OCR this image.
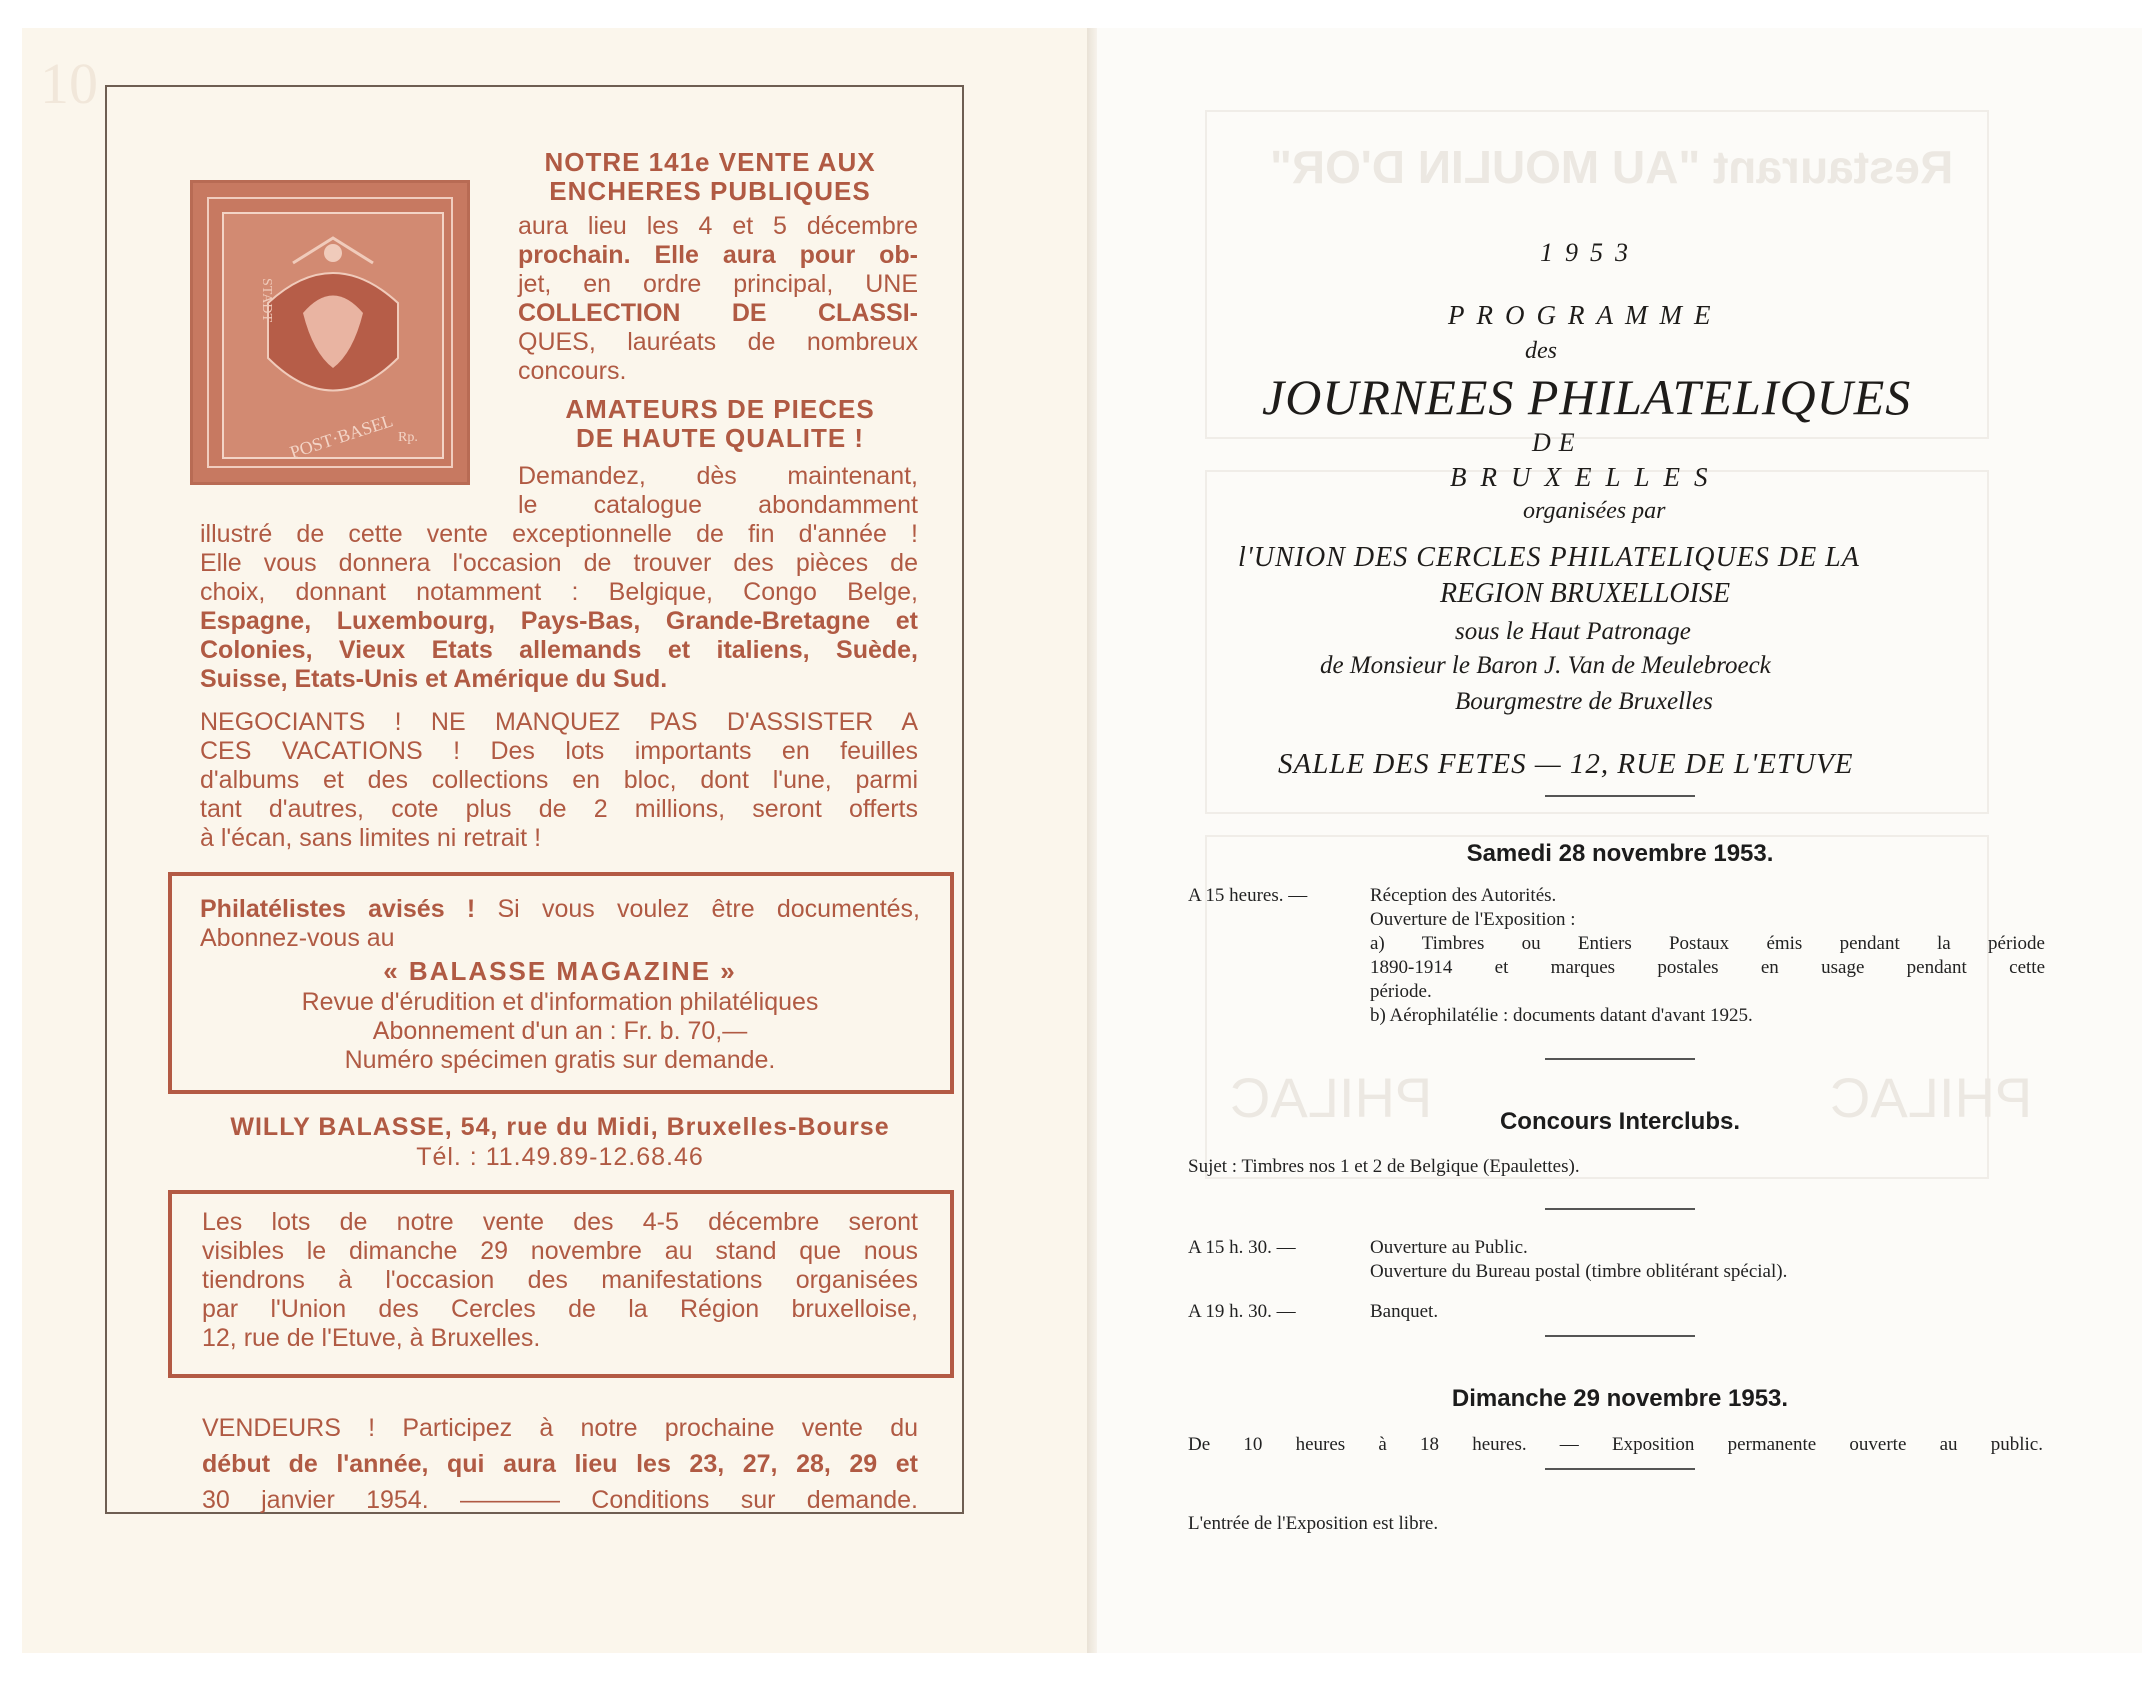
10
STADT
POST·BASEL Rp.
NOTRE 141e VENTE AUX
ENCHERES PUBLIQUES
aura lieu les 4 et 5 décembre
prochain. Elle aura pour ob-
jet, en ordre principal, UNE
COLLECTION DE CLASSI-
QUES, lauréats de nombreux
concours.
AMATEURS DE PIECES
DE HAUTE QUALITE !
Demandez, dès maintenant,
le catalogue abondamment
illustré de cette vente exceptionnelle de fin d'année !
Elle vous donnera l'occasion de trouver des pièces de
choix, donnant notamment : Belgique, Congo Belge,
Espagne, Luxembourg, Pays-Bas, Grande-Bretagne et
Colonies, Vieux Etats allemands et italiens, Suède,
Suisse, Etats-Unis et Amérique du Sud.
NEGOCIANTS ! NE MANQUEZ PAS D'ASSISTER A
CES VACATIONS ! Des lots importants en feuilles
d'albums et des collections en bloc, dont l'une, parmi
tant d'autres, cote plus de 2 millions, seront offerts
à l'écan, sans limites ni retrait !
Philatélistes avisés ! Si vous voulez être documentés,
Abonnez-vous au
« BALASSE MAGAZINE »
Revue d'érudition et d'information philatéliques
Abonnement d'un an : Fr. b. 70,—
Numéro spécimen gratis sur demande.
WILLY BALASSE, 54, rue du Midi, Bruxelles-Bourse
Tél. : 11.49.89-12.68.46
Les lots de notre vente des 4-5 décembre seront
visibles le dimanche 29 novembre au stand que nous
tiendrons à l'occasion des manifestations organisées
par l'Union des Cercles de la Région bruxelloise,
12, rue de l'Etuve, à Bruxelles.
VENDEURS ! Participez à notre prochaine vente du
début de l'année, qui aura lieu les 23, 27, 28, 29 et
30 janvier 1954. ———— Conditions sur demande.
Restaurant "AU MOULIN D'OR"
PHILAC	PHILAC
1953
PROGRAMME
des
JOURNEES PHILATELIQUES
DE
BRUXELLES
organisées par
l'UNION DES CERCLES PHILATELIQUES DE LA
REGION BRUXELLOISE
sous le Haut Patronage
de Monsieur le Baron J. Van de Meulebroeck
Bourgmestre de Bruxelles
SALLE DES FETES — 12, RUE DE L'ETUVE
Samedi 28 novembre 1953.
A 15 heures. —	Réception des Autorités.
Ouverture de l'Exposition :
a) Timbres ou Entiers Postaux émis pendant la période
1890-1914 et marques postales en usage pendant cette
période.
b) Aérophilatélie : documents datant d'avant 1925.
Concours Interclubs.
Sujet : Timbres nos 1 et 2 de Belgique (Epaulettes).
A 15 h. 30. —	Ouverture au Public.
Ouverture du Bureau postal (timbre oblitérant spécial).
A 19 h. 30. —	Banquet.
Dimanche 29 novembre 1953.
De 10 heures à 18 heures. — Exposition permanente ouverte au public.
L'entrée de l'Exposition est libre.
